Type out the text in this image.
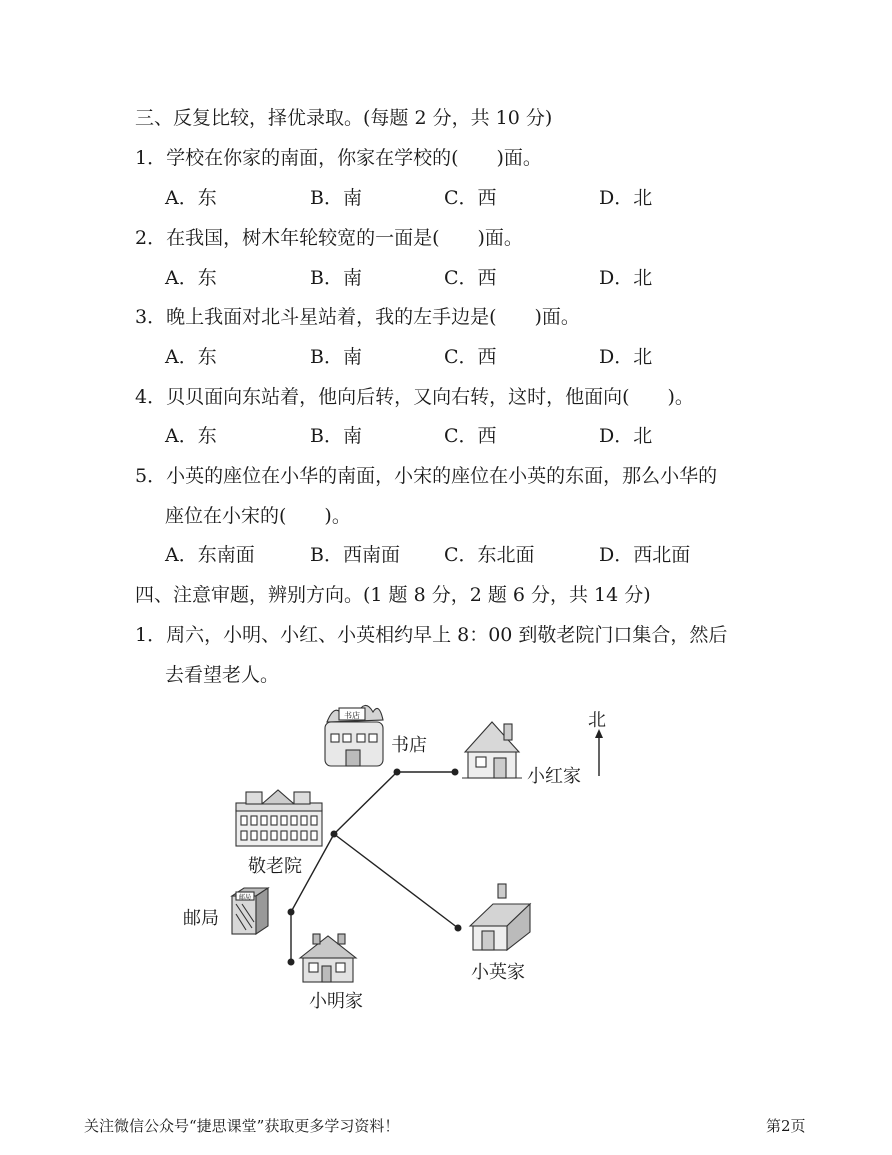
三、反复比较，择优录取。(每题 2 分，共 10 分)
1．学校在你家的南面，你家在学校的(　　)面。
A．东	B．南	C．西	D．北
2．在我国，树木年轮较宽的一面是(　　)面。
A．东	B．南	C．西	D．北
3．晚上我面对北斗星站着，我的左手边是(　　)面。
A．东	B．南	C．西	D．北
4．贝贝面向东站着，他向后转，又向右转，这时，他面向(　　)。
A．东	B．南	C．西	D．北
5．小英的座位在小华的南面，小宋的座位在小英的东面，那么小华的
座位在小宋的(　　)。
A．东南面	B．西南面 C．东北面	D．西北面
四、注意审题，辨别方向。(1 题 8 分，2 题 6 分，共 14 分)
1．周六，小明、小红、小英相约早上 8：00 到敬老院门口集合，然后
去看望老人。
书店
邮局
北
书店
小红家
敬老院
邮局
小英家
小明家
关注微信公众号“捷思课堂”获取更多学习资料！	第2页
